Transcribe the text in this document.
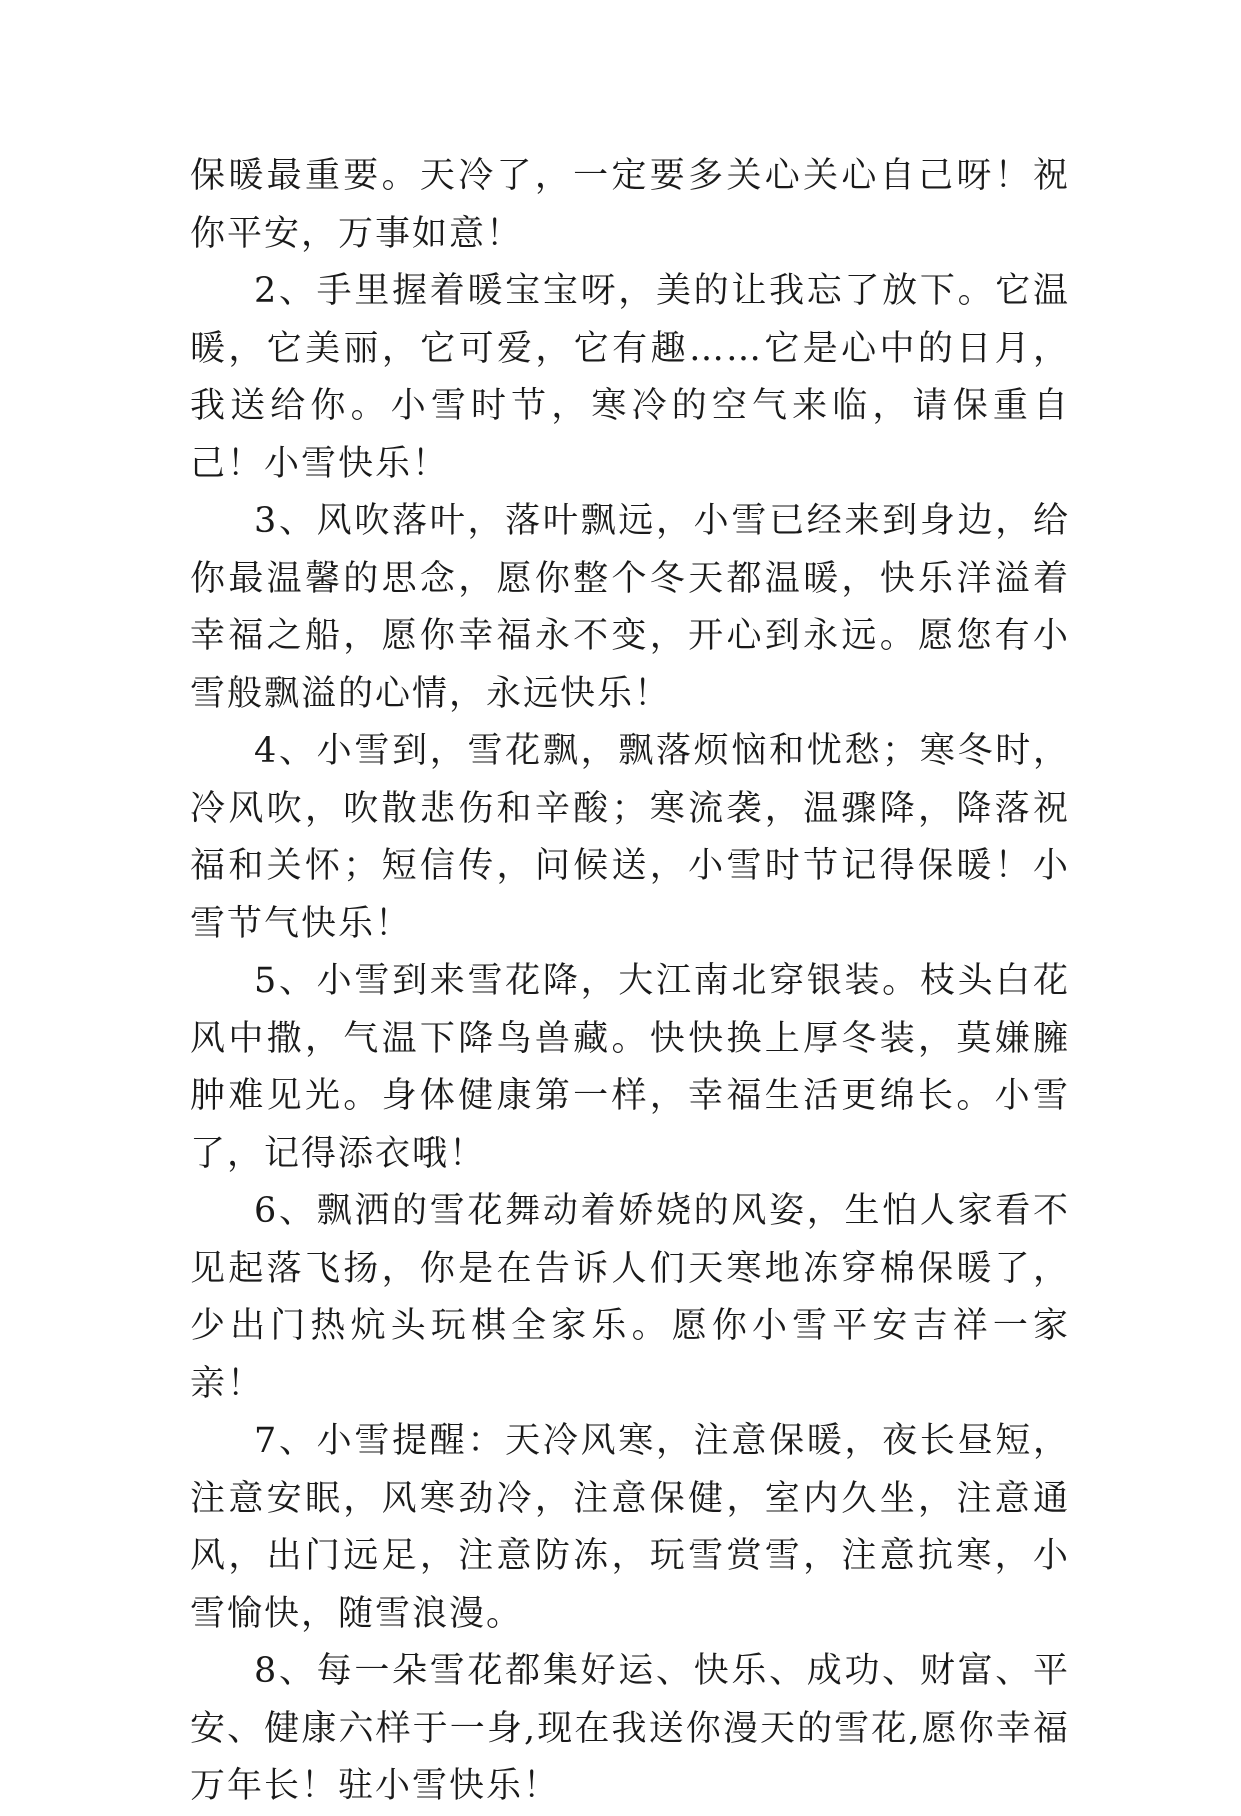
保暖最重要。天冷了，一定要多关心关心自己呀！祝你平安，万事如意！

2、手里握着暖宝宝呀，美的让我忘了放下。它温暖，它美丽，它可爱，它有趣……它是心中的日月，我送给你。小雪时节，寒冷的空气来临，请保重自己！小雪快乐！

3、风吹落叶，落叶飘远，小雪已经来到身边，给你最温馨的思念，愿你整个冬天都温暖，快乐洋溢着幸福之船，愿你幸福永不变，开心到永远。愿您有小雪般飘溢的心情，永远快乐！

4、小雪到，雪花飘，飘落烦恼和忧愁；寒冬时，冷风吹，吹散悲伤和辛酸；寒流袭，温骤降，降落祝福和关怀；短信传，问候送，小雪时节记得保暖！小雪节气快乐！

5、小雪到来雪花降，大江南北穿银装。枝头白花风中撒，气温下降鸟兽藏。快快换上厚冬装，莫嫌臃肿难见光。身体健康第一样，幸福生活更绵长。小雪了，记得添衣哦！

6、飘洒的雪花舞动着娇娆的风姿，生怕人家看不见起落飞扬，你是在告诉人们天寒地冻穿棉保暖了，少出门热炕头玩棋全家乐。愿你小雪平安吉祥一家亲！

7、小雪提醒：天冷风寒，注意保暖，夜长昼短，注意安眠，风寒劲冷，注意保健，室内久坐，注意通风，出门远足，注意防冻，玩雪赏雪，注意抗寒，小雪愉快，随雪浪漫。

8、每一朵雪花都集好运、快乐、成功、财富、平安、健康六样于一身,现在我送你漫天的雪花,愿你幸福万年长！驻小雪快乐！
